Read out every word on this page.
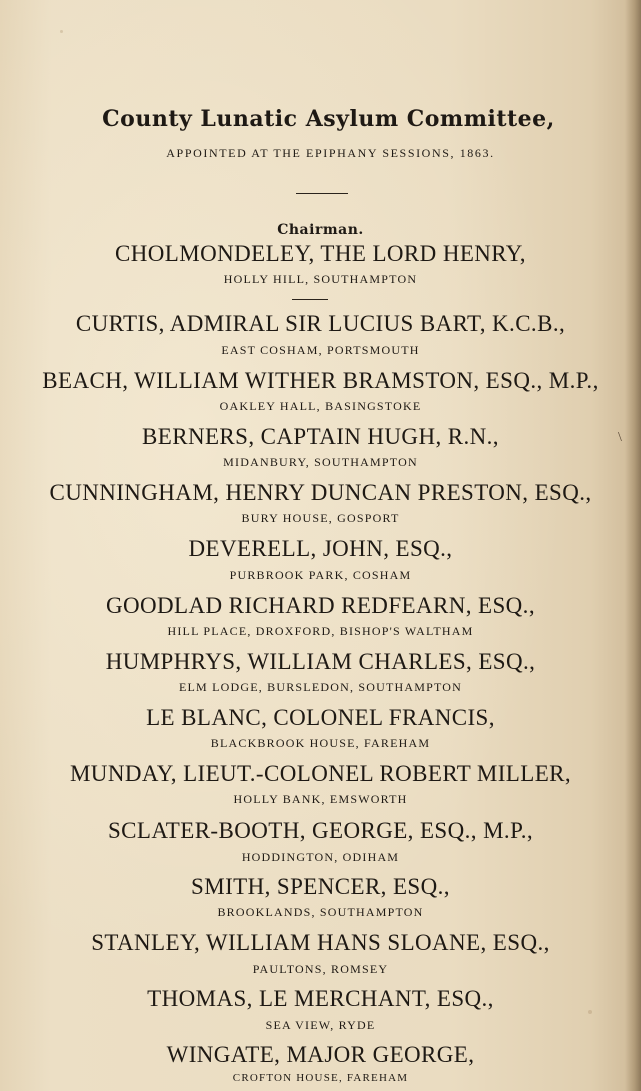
County Lunatic Asylum Committee,
APPOINTED AT THE EPIPHANY SESSIONS, 1863.
Chairman.
CHOLMONDELEY, THE LORD HENRY,
HOLLY HILL, SOUTHAMPTON
CURTIS, ADMIRAL SIR LUCIUS BART, K.C.B.,
EAST COSHAM, PORTSMOUTH
BEACH, WILLIAM WITHER BRAMSTON, ESQ., M.P.,
OAKLEY HALL, BASINGSTOKE
BERNERS, CAPTAIN HUGH, R.N.,
MIDANBURY, SOUTHAMPTON
CUNNINGHAM, HENRY DUNCAN PRESTON, ESQ.,
BURY HOUSE, GOSPORT
DEVERELL, JOHN, ESQ.,
PURBROOK PARK, COSHAM
GOODLAD RICHARD REDFEARN, ESQ.,
HILL PLACE, DROXFORD, BISHOP'S WALTHAM
HUMPHRYS, WILLIAM CHARLES, ESQ.,
ELM LODGE, BURSLEDON, SOUTHAMPTON
LE BLANC, COLONEL FRANCIS,
BLACKBROOK HOUSE, FAREHAM
MUNDAY, LIEUT.-COLONEL ROBERT MILLER,
HOLLY BANK, EMSWORTH
SCLATER-BOOTH, GEORGE, ESQ., M.P.,
HODDINGTON, ODIHAM
SMITH, SPENCER, ESQ.,
BROOKLANDS, SOUTHAMPTON
STANLEY, WILLIAM HANS SLOANE, ESQ.,
PAULTONS, ROMSEY
THOMAS, LE MERCHANT, ESQ.,
SEA VIEW, RYDE
WINGATE, MAJOR GEORGE,
CROFTON HOUSE, FAREHAM
\
